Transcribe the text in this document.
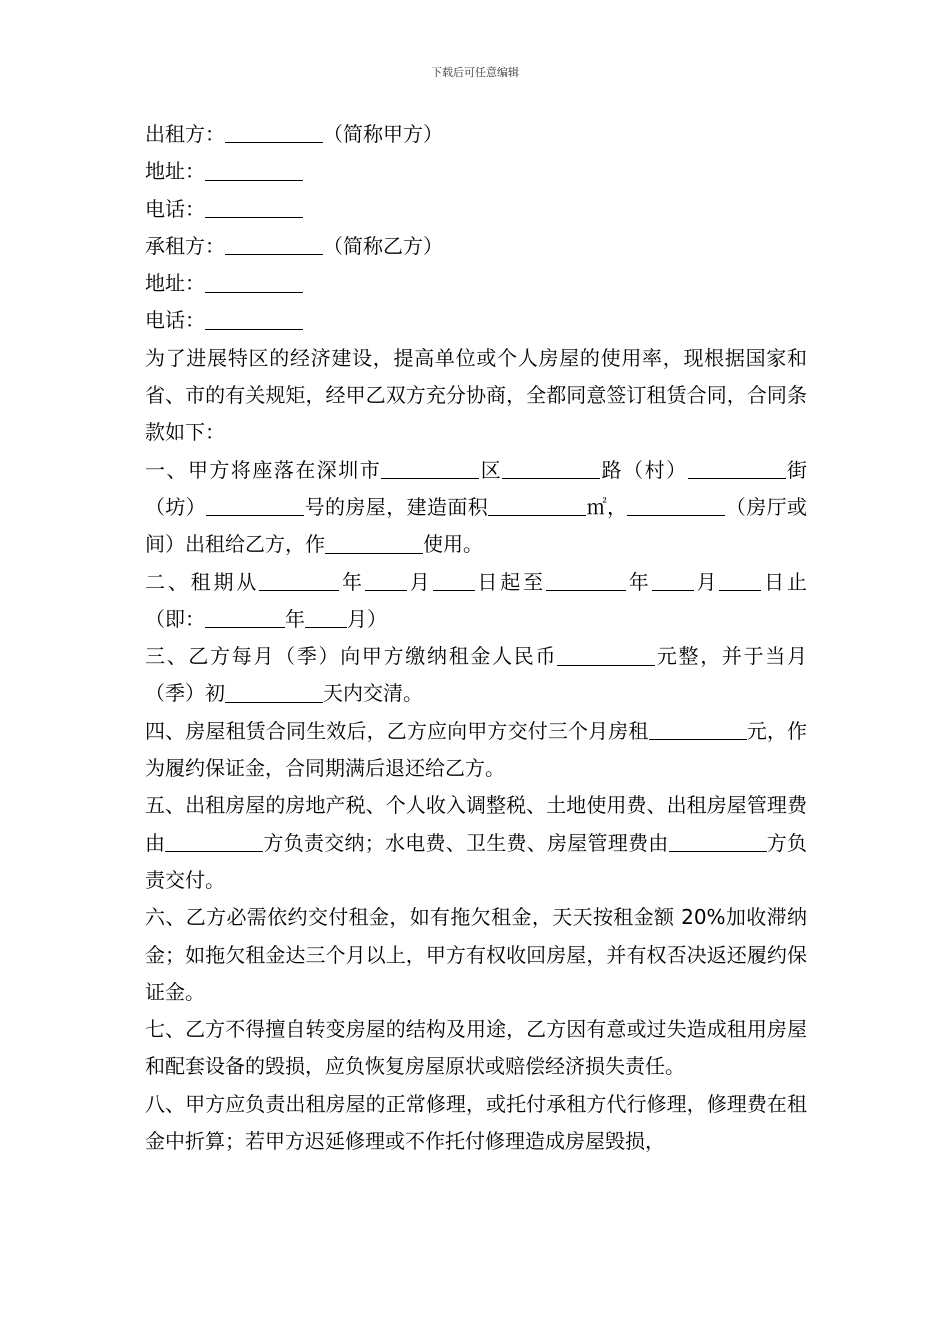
下载后可任意编辑

出租方：	（简称甲方）

地址：

电话：

承租方：	（简称乙方）

地址：

电话：

为了进展特区的经济建设，提高单位或个人房屋的使用率，现根据国家和省、市的有关规矩，经甲乙双方充分协商，全都同意签订租赁合同，合同条款如下：

一、甲方将座落在深圳市	区	路（村）	街（坊）	号的房屋，建造面积	㎡，	（房厅或间）出租给乙方，作	使用。

二、租期从	年 月 日起至	年 月 日止（即：	年 月）

三、乙方每月（季）向甲方缴纳租金人民币	元整，并于当月（季）初	天内交清。

四、房屋租赁合同生效后，乙方应向甲方交付三个月房租	元，作为履约保证金，合同期满后退还给乙方。

五、出租房屋的房地产税、个人收入调整税、土地使用费、出租房屋管理费由	方负责交纳；水电费、卫生费、房屋管理费由	方负责交付。

六、乙方必需依约交付租金，如有拖欠租金，天天按租金额 20%加收滞纳金；如拖欠租金达三个月以上，甲方有权收回房屋，并有权否决返还履约保证金。

七、乙方不得擅自转变房屋的结构及用途，乙方因有意或过失造成租用房屋和配套设备的毁损，应负恢复房屋原状或赔偿经济损失责任。

八、甲方应负责出租房屋的正常修理，或托付承租方代行修理，修理费在租金中折算；若甲方迟延修理或不作托付修理造成房屋毁损，
